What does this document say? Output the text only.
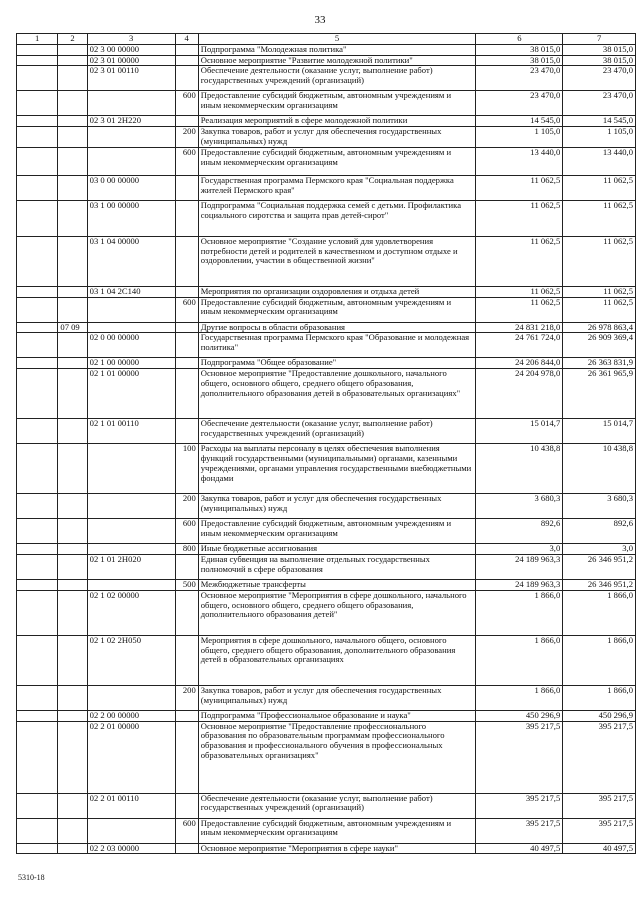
33
1	2	3	4	5	6	7
		02 3 00 00000		Подпрограмма "Молодежная политика"	38 015,0	38 015,0
		02 3 01 00000		Основное мероприятие "Развитие молодежной политики"	38 015,0	38 015,0
		02 3 01 00110		Обеспечение деятельности (оказание услуг, выполнение работ) государственных учреждений (организаций)	23 470,0	23 470,0
			600	Предоставление субсидий бюджетным, автономным учреждениям и иным некоммерческим организациям	23 470,0	23 470,0
		02 3 01 2Н220		Реализация мероприятий в сфере молодежной политики	14 545,0	14 545,0
			200	Закупка товаров, работ и услуг для обеспечения государственных (муниципальных) нужд	1 105,0	1 105,0
			600	Предоставление субсидий бюджетным, автономным учреждениям и иным некоммерческим организациям	13 440,0	13 440,0
		03 0 00 00000		Государственная программа Пермского края "Социальная поддержка жителей Пермского края"	11 062,5	11 062,5
		03 1 00 00000		Подпрограмма "Социальная поддержка семей с детьми. Профилактика социального сиротства и защита прав детей-сирот"	11 062,5	11 062,5
		03 1 04 00000		Основное мероприятие "Создание условий для удовлетворения потребности детей и родителей в качественном и доступном отдыхе и оздоровлении, участии в общественной жизни"	11 062,5	11 062,5
		03 1 04 2С140		Мероприятия по организации оздоровления и отдыха детей	11 062,5	11 062,5
			600	Предоставление субсидий бюджетным, автономным учреждениям и иным некоммерческим организациям	11 062,5	11 062,5
	07 09			Другие вопросы в области образования	24 831 218,0	26 978 863,4
		02 0 00 00000		Государственная программа Пермского края "Образование и молодежная политика"	24 761 724,0	26 909 369,4
		02 1 00 00000		Подпрограмма "Общее образование"	24 206 844,0	26 363 831,9
		02 1 01 00000		Основное мероприятие "Предоставление дошкольного, начального общего, основного общего, среднего общего образования, дополнительного образования детей в образовательных организациях"	24 204 978,0	26 361 965,9
		02 1 01 00110		Обеспечение деятельности (оказание услуг, выполнение работ) государственных учреждений (организаций)	15 014,7	15 014,7
			100	Расходы на выплаты персоналу в целях обеспечения выполнения функций государственными (муниципальными) органами, казенными учреждениями, органами управления государственными внебюджетными фондами	10 438,8	10 438,8
			200	Закупка товаров, работ и услуг для обеспечения государственных (муниципальных) нужд	3 680,3	3 680,3
			600	Предоставление субсидий бюджетным, автономным учреждениям и иным некоммерческим организациям	892,6	892,6
			800	Иные бюджетные ассигнования	3,0	3,0
		02 1 01 2Н020		Единая субвенция на выполнение отдельных государственных полномочий в сфере образования	24 189 963,3	26 346 951,2
			500	Межбюджетные трансферты	24 189 963,3	26 346 951,2
		02 1 02 00000		Основное мероприятие "Мероприятия в сфере дошкольного, начального общего, основного общего, среднего общего образования, дополнительного образования детей"	1 866,0	1 866,0
		02 1 02 2Н050		Мероприятия в сфере дошкольного, начального общего, основного общего, среднего общего образования, дополнительного образования детей в образовательных организациях	1 866,0	1 866,0
			200	Закупка товаров, работ и услуг для обеспечения государственных (муниципальных) нужд	1 866,0	1 866,0
		02 2 00 00000		Подпрограмма "Профессиональное образование и наука"	450 296,9	450 296,9
		02 2 01 00000		Основное мероприятие "Предоставление профессионального образования по образовательным программам профессионального образования и профессионального обучения в профессиональных образовательных организациях"	395 217,5	395 217,5
		02 2 01 00110		Обеспечение деятельности (оказание услуг, выполнение работ) государственных учреждений (организаций)	395 217,5	395 217,5
			600	Предоставление субсидий бюджетным, автономным учреждениям и иным некоммерческим организациям	395 217,5	395 217,5
		02 2 03 00000		Основное мероприятие "Мероприятия в сфере науки"	40 497,5	40 497,5
5310-18
